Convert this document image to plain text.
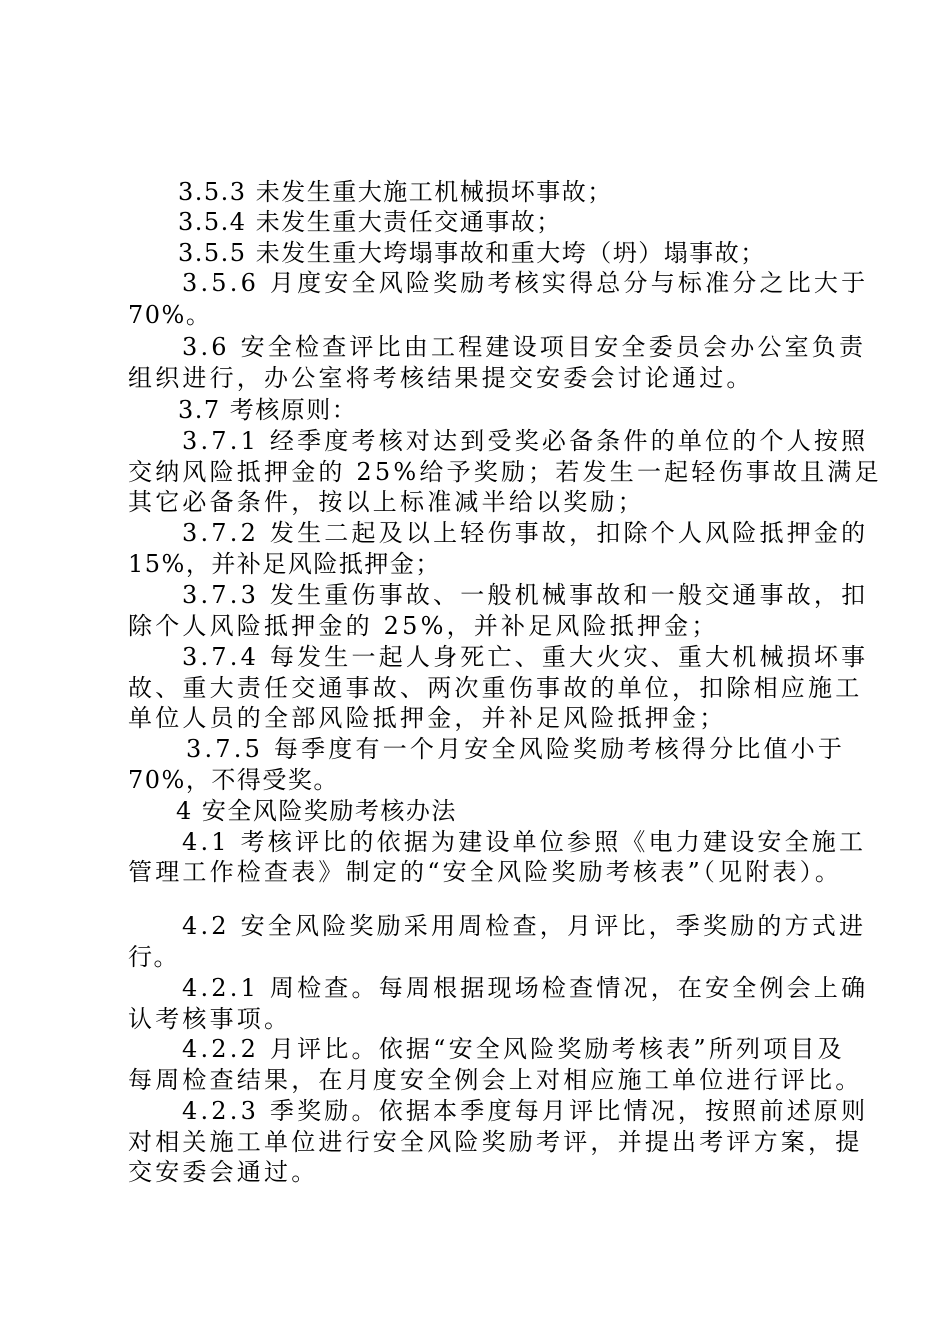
3.5.3 未发生重大施工机械损坏事故；
3.5.4 未发生重大责任交通事故；
3.5.5 未发生重大垮塌事故和重大垮（坍）塌事故；
3.5.6 月度安全风险奖励考核实得总分与标准分之比大于
70%。
3.6 安全检查评比由工程建设项目安全委员会办公室负责
组织进行，办公室将考核结果提交安委会讨论通过。
3.7 考核原则：
3.7.1 经季度考核对达到受奖必备条件的单位的个人按照
交纳风险抵押金的 25%给予奖励；若发生一起轻伤事故且满足
其它必备条件，按以上标准减半给以奖励；
3.7.2 发生二起及以上轻伤事故，扣除个人风险抵押金的
15%，并补足风险抵押金；
3.7.3 发生重伤事故、一般机械事故和一般交通事故，扣
除个人风险抵押金的 25%，并补足风险抵押金；
3.7.4 每发生一起人身死亡、重大火灾、重大机械损坏事
故、重大责任交通事故、两次重伤事故的单位，扣除相应施工
单位人员的全部风险抵押金，并补足风险抵押金；
3.7.5 每季度有一个月安全风险奖励考核得分比值小于
70%，不得受奖。
4 安全风险奖励考核办法
4.1 考核评比的依据为建设单位参照《电力建设安全施工
管理工作检查表》制定的“安全风险奖励考核表”（见附表）。
4.2 安全风险奖励采用周检查，月评比，季奖励的方式进
行。
4.2.1 周检查。每周根据现场检查情况，在安全例会上确
认考核事项。
4.2.2 月评比。依据“安全风险奖励考核表”所列项目及
每周检查结果，在月度安全例会上对相应施工单位进行评比。
4.2.3 季奖励。依据本季度每月评比情况，按照前述原则
对相关施工单位进行安全风险奖励考评，并提出考评方案，提
交安委会通过。
